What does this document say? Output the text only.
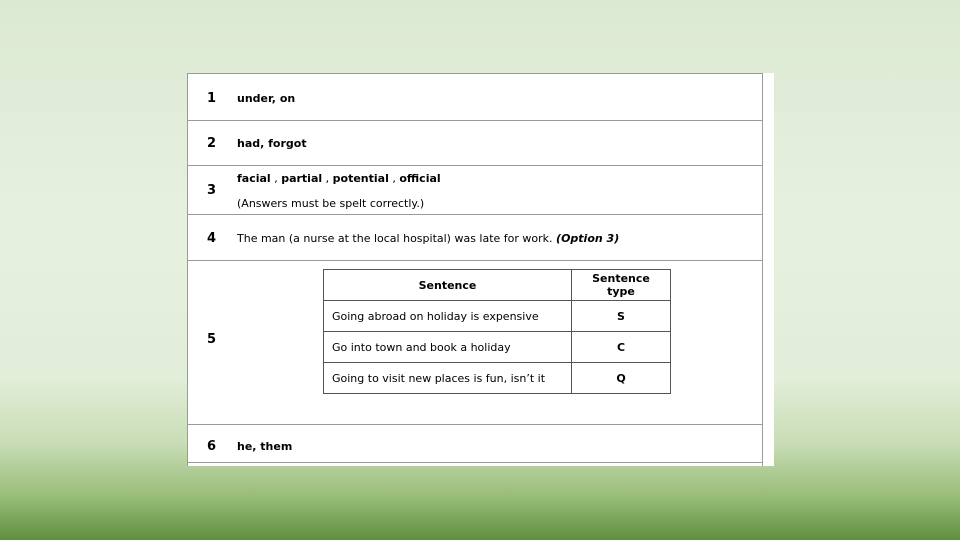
1 under, on
2 had, forgot
3
facial , partial , potential , official
(Answers must be spelt correctly.)
4 The man (a nurse at the local hospital) was late for work. (Option 3)
5
Sentence	Sentence type
Going abroad on holiday is expensive	S
Go into town and book a holiday	C
Going to visit new places is fun, isn’t it	Q
6 he, them
